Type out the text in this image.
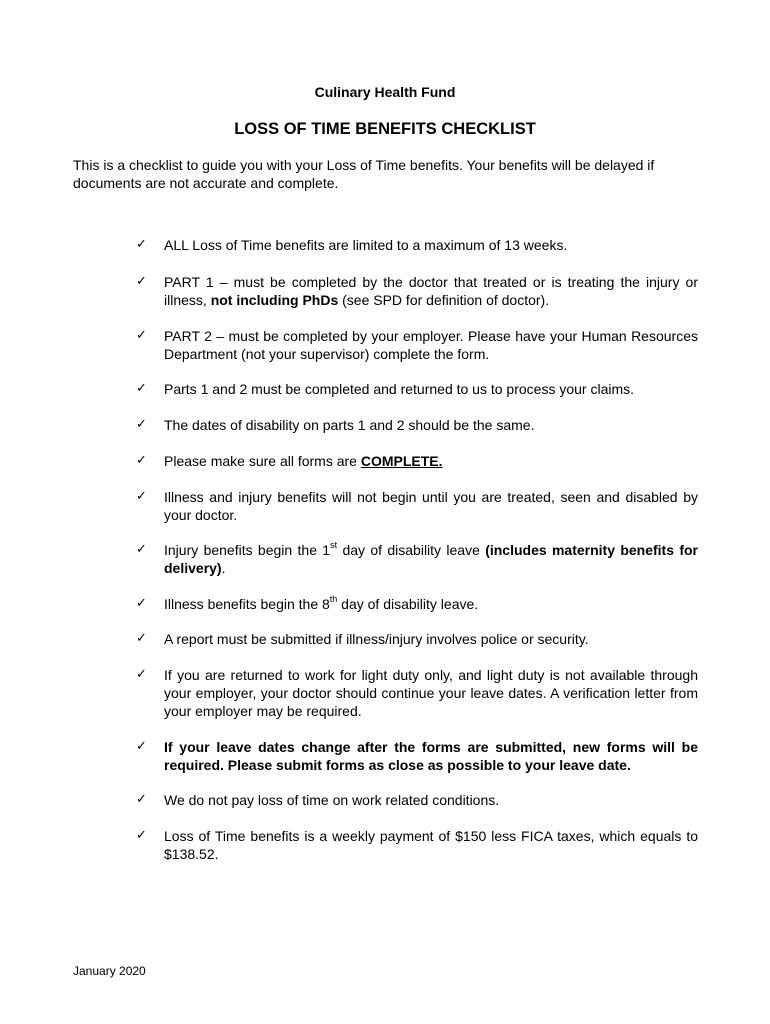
Culinary Health Fund
LOSS OF TIME BENEFITS CHECKLIST
This is a checklist to guide you with your Loss of Time benefits. Your benefits will be delayed if documents are not accurate and complete.
✓	ALL Loss of Time benefits are limited to a maximum of 13 weeks.
✓	PART 1 – must be completed by the doctor that treated or is treating the injury or illness, not including PhDs (see SPD for definition of doctor).
✓	PART 2 – must be completed by your employer. Please have your Human Resources Department (not your supervisor) complete the form.
✓	Parts 1 and 2 must be completed and returned to us to process your claims.
✓	The dates of disability on parts 1 and 2 should be the same.
✓	Please make sure all forms are COMPLETE.
✓	Illness and injury benefits will not begin until you are treated, seen and disabled by your doctor.
✓	Injury benefits begin the 1st day of disability leave (includes maternity benefits for delivery).
✓	Illness benefits begin the 8th day of disability leave.
✓	A report must be submitted if illness/injury involves police or security.
✓	If you are returned to work for light duty only, and light duty is not available through your employer, your doctor should continue your leave dates. A verification letter from your employer may be required.
✓	If your leave dates change after the forms are submitted, new forms will be required. Please submit forms as close as possible to your leave date.
✓	We do not pay loss of time on work related conditions.
✓	Loss of Time benefits is a weekly payment of $150 less FICA taxes, which equals to $138.52.
January 2020
